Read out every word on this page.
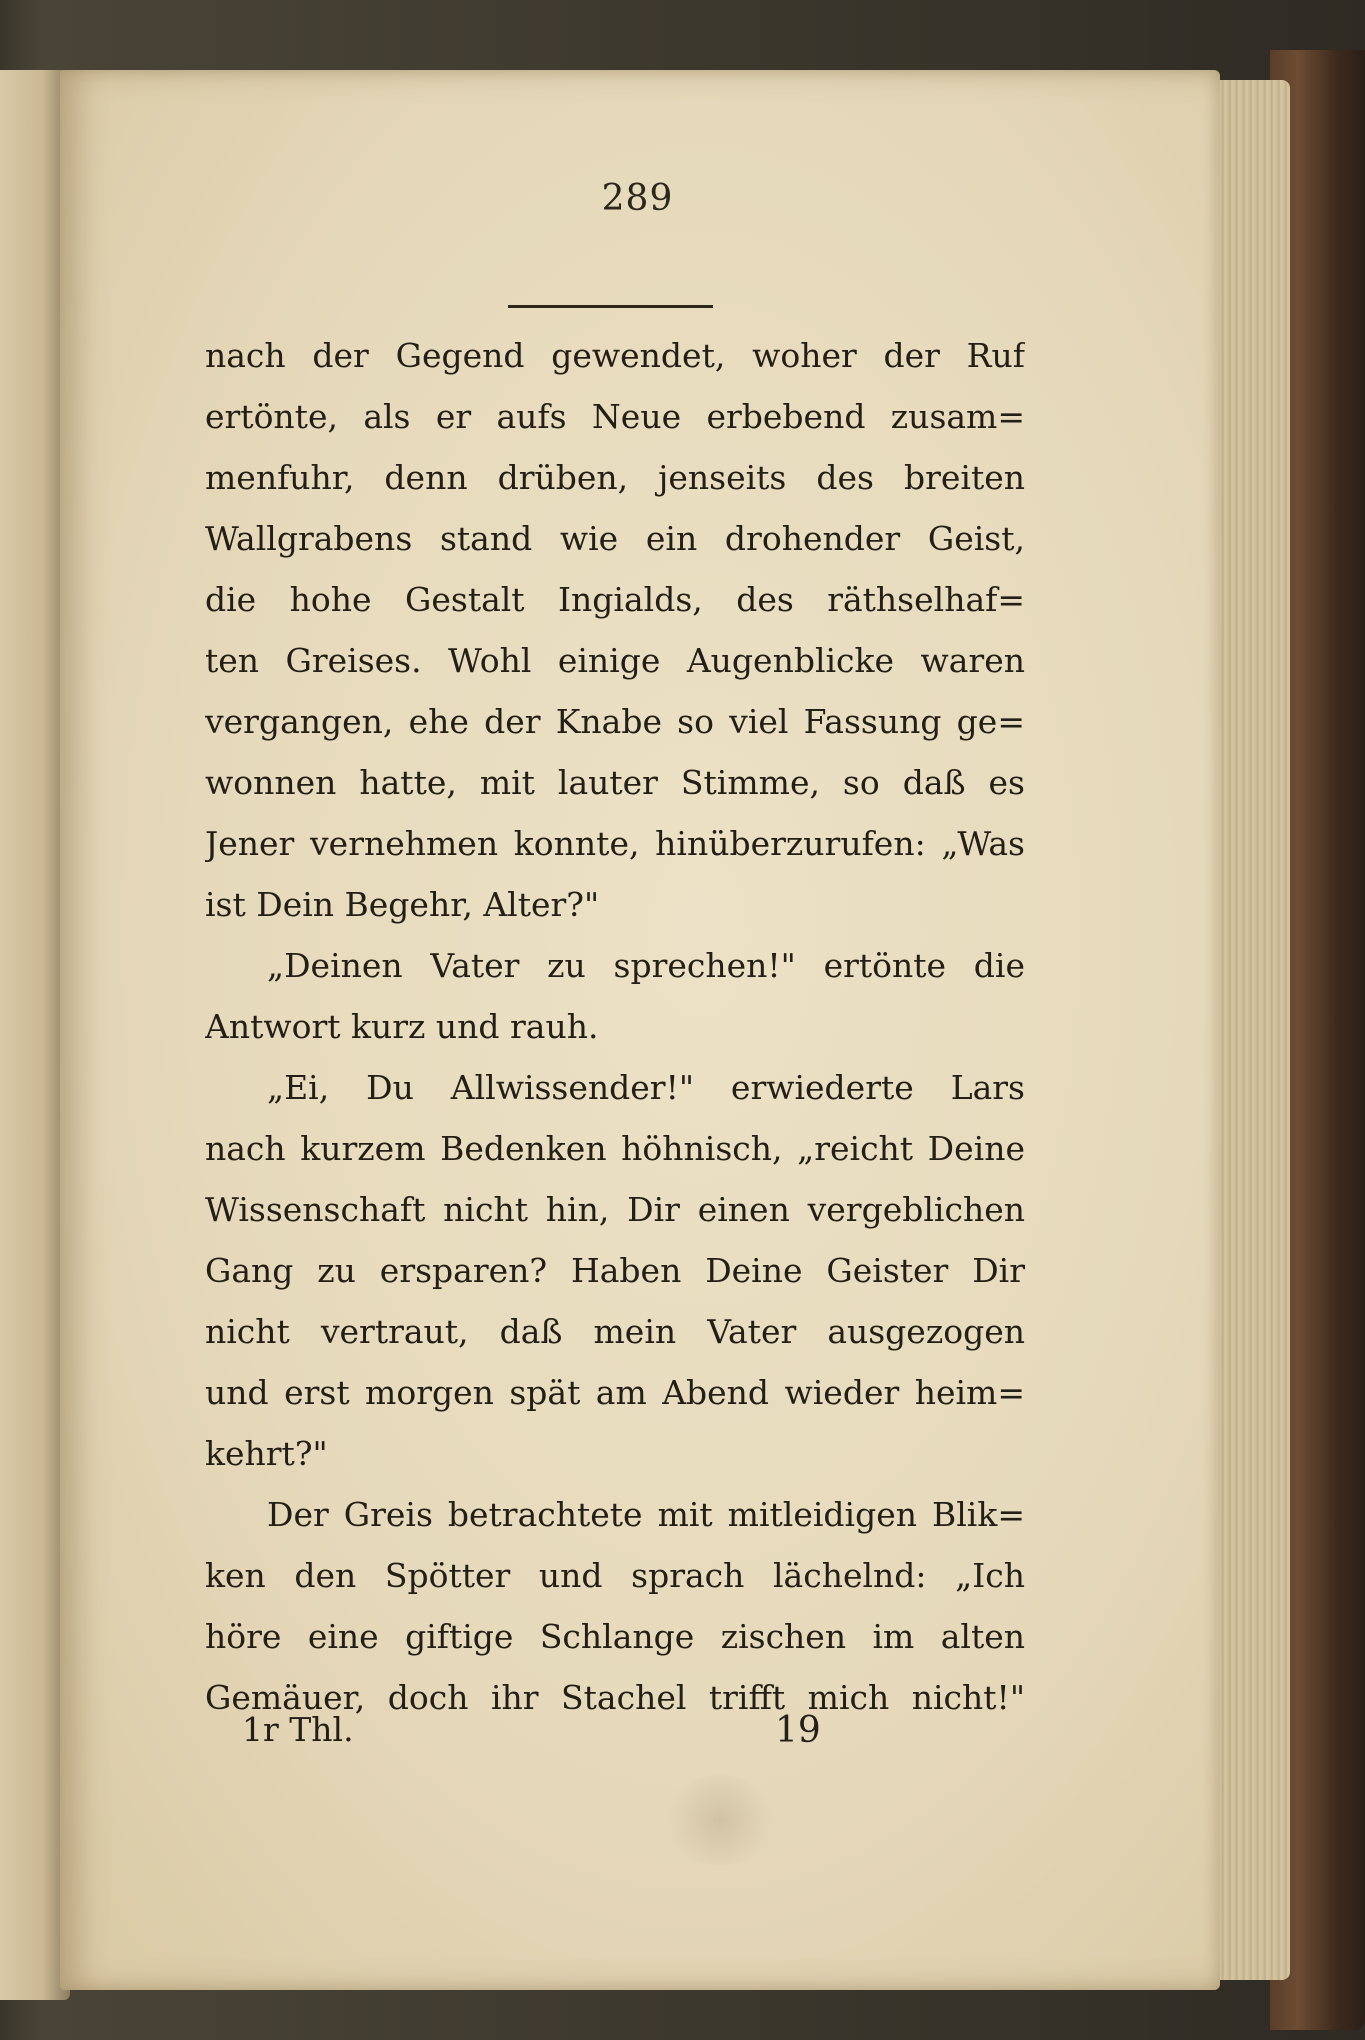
289
nach der Gegend gewendet, woher der Ruf
ertönte, als er aufs Neue erbebend zusam=
menfuhr, denn drüben, jenseits des breiten
Wallgrabens stand wie ein drohender Geist,
die hohe Gestalt Ingialds, des räthselhaf=
ten Greises. Wohl einige Augenblicke waren
vergangen, ehe der Knabe so viel Fassung ge=
wonnen hatte, mit lauter Stimme, so daß es
Jener vernehmen konnte, hinüberzurufen: „Was
ist Dein Begehr, Alter?"
„Deinen Vater zu sprechen!" ertönte die
Antwort kurz und rauh.
„Ei, Du Allwissender!" erwiederte Lars
nach kurzem Bedenken höhnisch, „reicht Deine
Wissenschaft nicht hin, Dir einen vergeblichen
Gang zu ersparen? Haben Deine Geister Dir
nicht vertraut, daß mein Vater ausgezogen
und erst morgen spät am Abend wieder heim=
kehrt?"
Der Greis betrachtete mit mitleidigen Blik=
ken den Spötter und sprach lächelnd: „Ich
höre eine giftige Schlange zischen im alten
Gemäuer, doch ihr Stachel trifft mich nicht!"
1r Thl.	19
